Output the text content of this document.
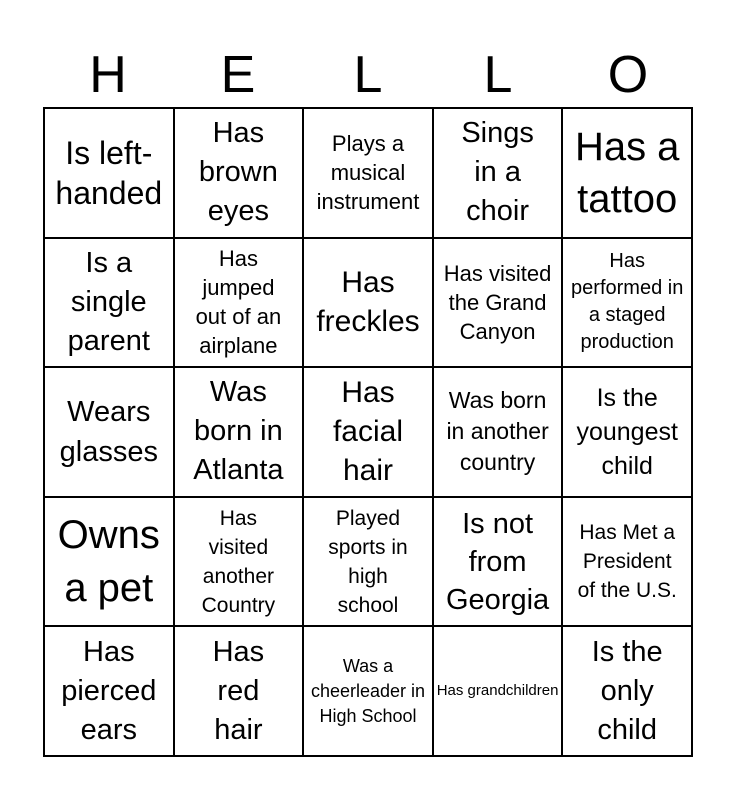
H	E	L	L	O
Is left-handed
Has brown eyes
Plays a musical instrument
Sings in a choir
Has a tattoo
Is a single parent
Has jumped out of an airplane
Has freckles
Has visited the Grand Canyon
Has performed in a staged production
Wears glasses
Was born in Atlanta
Has facial hair
Was born in another country
Is the youngest child
Owns a pet
Has visited another Country
Played sports in high school
Is not from Georgia
Has Met a President of the U.S.
Has pierced ears
Has red hair
Was a cheerleader in High School
Has grandchildren
Is the only child
